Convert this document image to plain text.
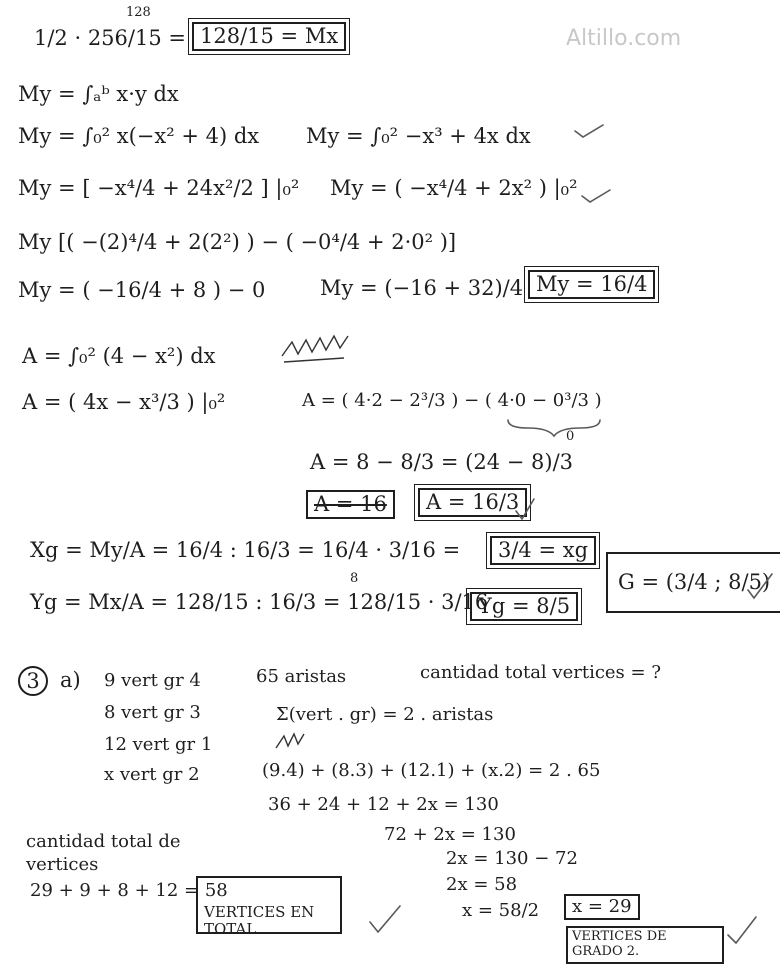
Altillo.com
128
1/2 · 256/15 = 128/15 = Mx
My = ∫ₐᵇ x·y dx
My = ∫₀² x(−x² + 4) dx My = ∫₀² −x³ + 4x dx
My = [ −x⁴/4 + 24x²/2 ] |₀² My = ( −x⁴/4 + 2x² ) |₀²
My [( −(2)⁴/4 + 2(2²) ) − ( −0⁴/4 + 2·0² )]
My = ( −16/4 + 8 ) − 0	My = (−16 + 32)/4 My = 16/4
A = ∫₀² (4 − x²) dx
A = ( 4x − x³/3 ) |₀²	A = ( 4·2 − 2³/3 ) − ( 4·0 − 0³/3 )
0
A = 8 − 8/3 = (24 − 8)/3
A = 16	A = 16/3
Xg = My/A = 16/4 : 16/3 = 16/4 · 3/16 =	3/4 = xg
8
Yg = Mx/A = 128/15 : 16/3 = 128/15 · 3/16
Yg = 8/5
G = (3/4 ; 8/5)
3 a) 9 vert gr 4
8 vert gr 3
12 vert gr 1
x vert gr 2
65 aristas	cantidad total vertices = ?
Σ(vert . gr) = 2 . aristas
(9.4) + (8.3) + (12.1) + (x.2) = 2 . 65
36 + 24 + 12 + 2x = 130
72 + 2x = 130
2x = 130 − 72
2x = 58
x = 58/2	x = 29
VERTICES DE GRADO 2.
cantidad total de vertices
29 + 9 + 8 + 12 = 58
VERTICES EN TOTAL
